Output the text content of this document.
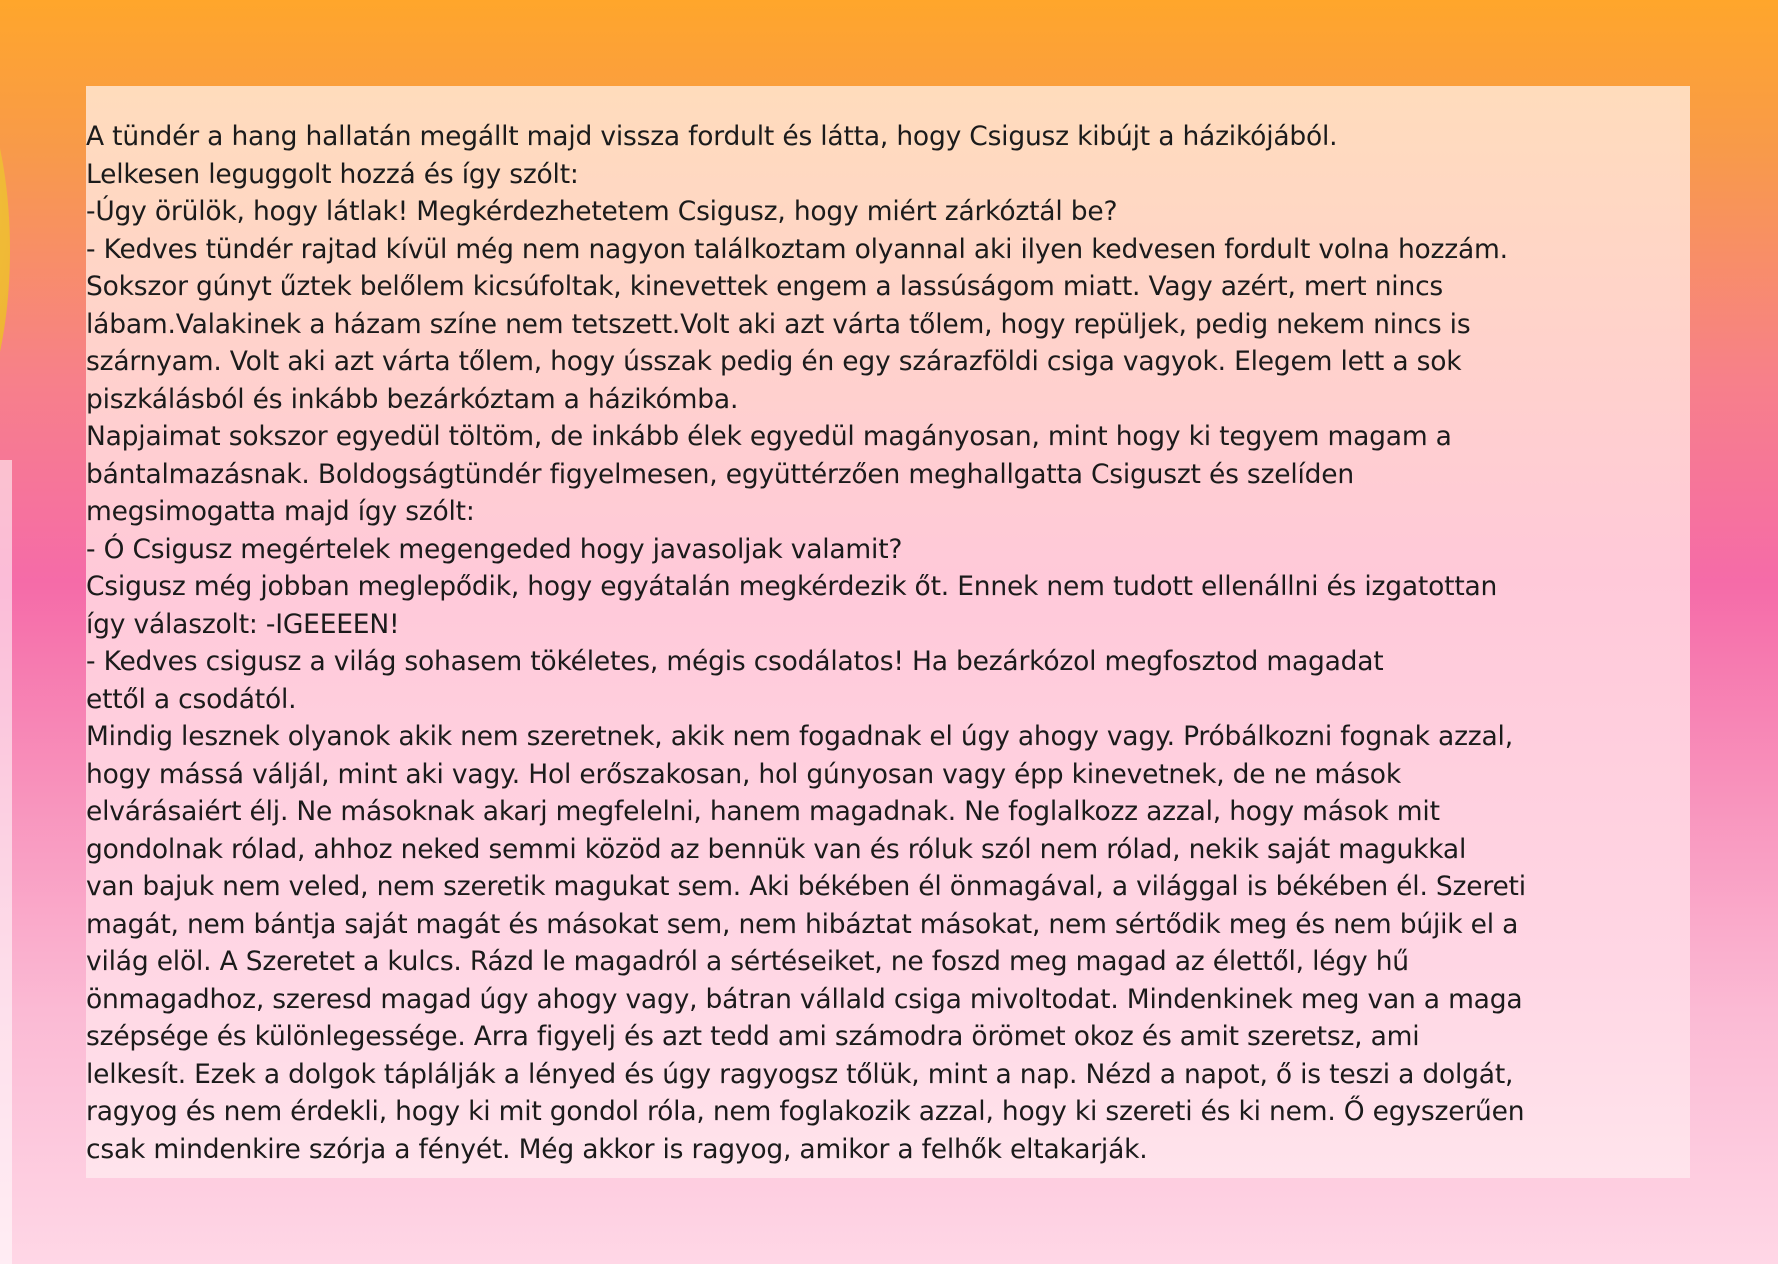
A tündér a hang hallatán megállt majd vissza fordult és látta, hogy Csigusz kibújt a házikójából.
Lelkesen leguggolt hozzá és így szólt:
-Úgy örülök, hogy látlak! Megkérdezhetetem Csigusz, hogy miért zárkóztál be?
- Kedves tündér rajtad kívül még nem nagyon találkoztam olyannal aki ilyen kedvesen fordult volna hozzám.
Sokszor gúnyt űztek belőlem kicsúfoltak, kinevettek engem a lassúságom miatt. Vagy azért, mert nincs
lábam.Valakinek a házam színe nem tetszett.Volt aki azt várta tőlem, hogy repüljek, pedig nekem nincs is
szárnyam. Volt aki azt várta tőlem, hogy ússzak pedig én egy szárazföldi csiga vagyok. Elegem lett a sok
piszkálásból és inkább bezárkóztam a házikómba.
Napjaimat sokszor egyedül töltöm, de inkább élek egyedül magányosan, mint hogy ki tegyem magam a
bántalmazásnak. Boldogságtündér figyelmesen, együttérzően meghallgatta Csiguszt és szelíden
megsimogatta majd így szólt:
- Ó Csigusz megértelek megengeded hogy javasoljak valamit?
Csigusz még jobban meglepődik, hogy egyátalán megkérdezik őt. Ennek nem tudott ellenállni és izgatottan
így válaszolt: -IGEEEEN!
- Kedves csigusz a világ sohasem tökéletes, mégis csodálatos! Ha bezárkózol megfosztod magadat
ettől a csodától.
Mindig lesznek olyanok akik nem szeretnek, akik nem fogadnak el úgy ahogy vagy. Próbálkozni fognak azzal,
hogy mássá váljál, mint aki vagy. Hol erőszakosan, hol gúnyosan vagy épp kinevetnek, de ne mások
elvárásaiért élj. Ne másoknak akarj megfelelni, hanem magadnak. Ne foglalkozz azzal, hogy mások mit
gondolnak rólad, ahhoz neked semmi közöd az bennük van és róluk szól nem rólad, nekik saját magukkal
van bajuk nem veled, nem szeretik magukat sem. Aki békében él önmagával, a világgal is békében él. Szereti
magát, nem bántja saját magát és másokat sem, nem hibáztat másokat, nem sértődik meg és nem bújik el a
világ elöl. A Szeretet a kulcs. Rázd le magadról a sértéseiket, ne foszd meg magad az élettől, légy hű
önmagadhoz, szeresd magad úgy ahogy vagy, bátran vállald csiga mivoltodat. Mindenkinek meg van a maga
szépsége és különlegessége. Arra figyelj és azt tedd ami számodra örömet okoz és amit szeretsz, ami
lelkesít. Ezek a dolgok táplálják a lényed és úgy ragyogsz tőlük, mint a nap. Nézd a napot, ő is teszi a dolgát,
ragyog és nem érdekli, hogy ki mit gondol róla, nem foglakozik azzal, hogy ki szereti és ki nem. Ő egyszerűen
csak mindenkire szórja a fényét. Még akkor is ragyog, amikor a felhők eltakarják.
